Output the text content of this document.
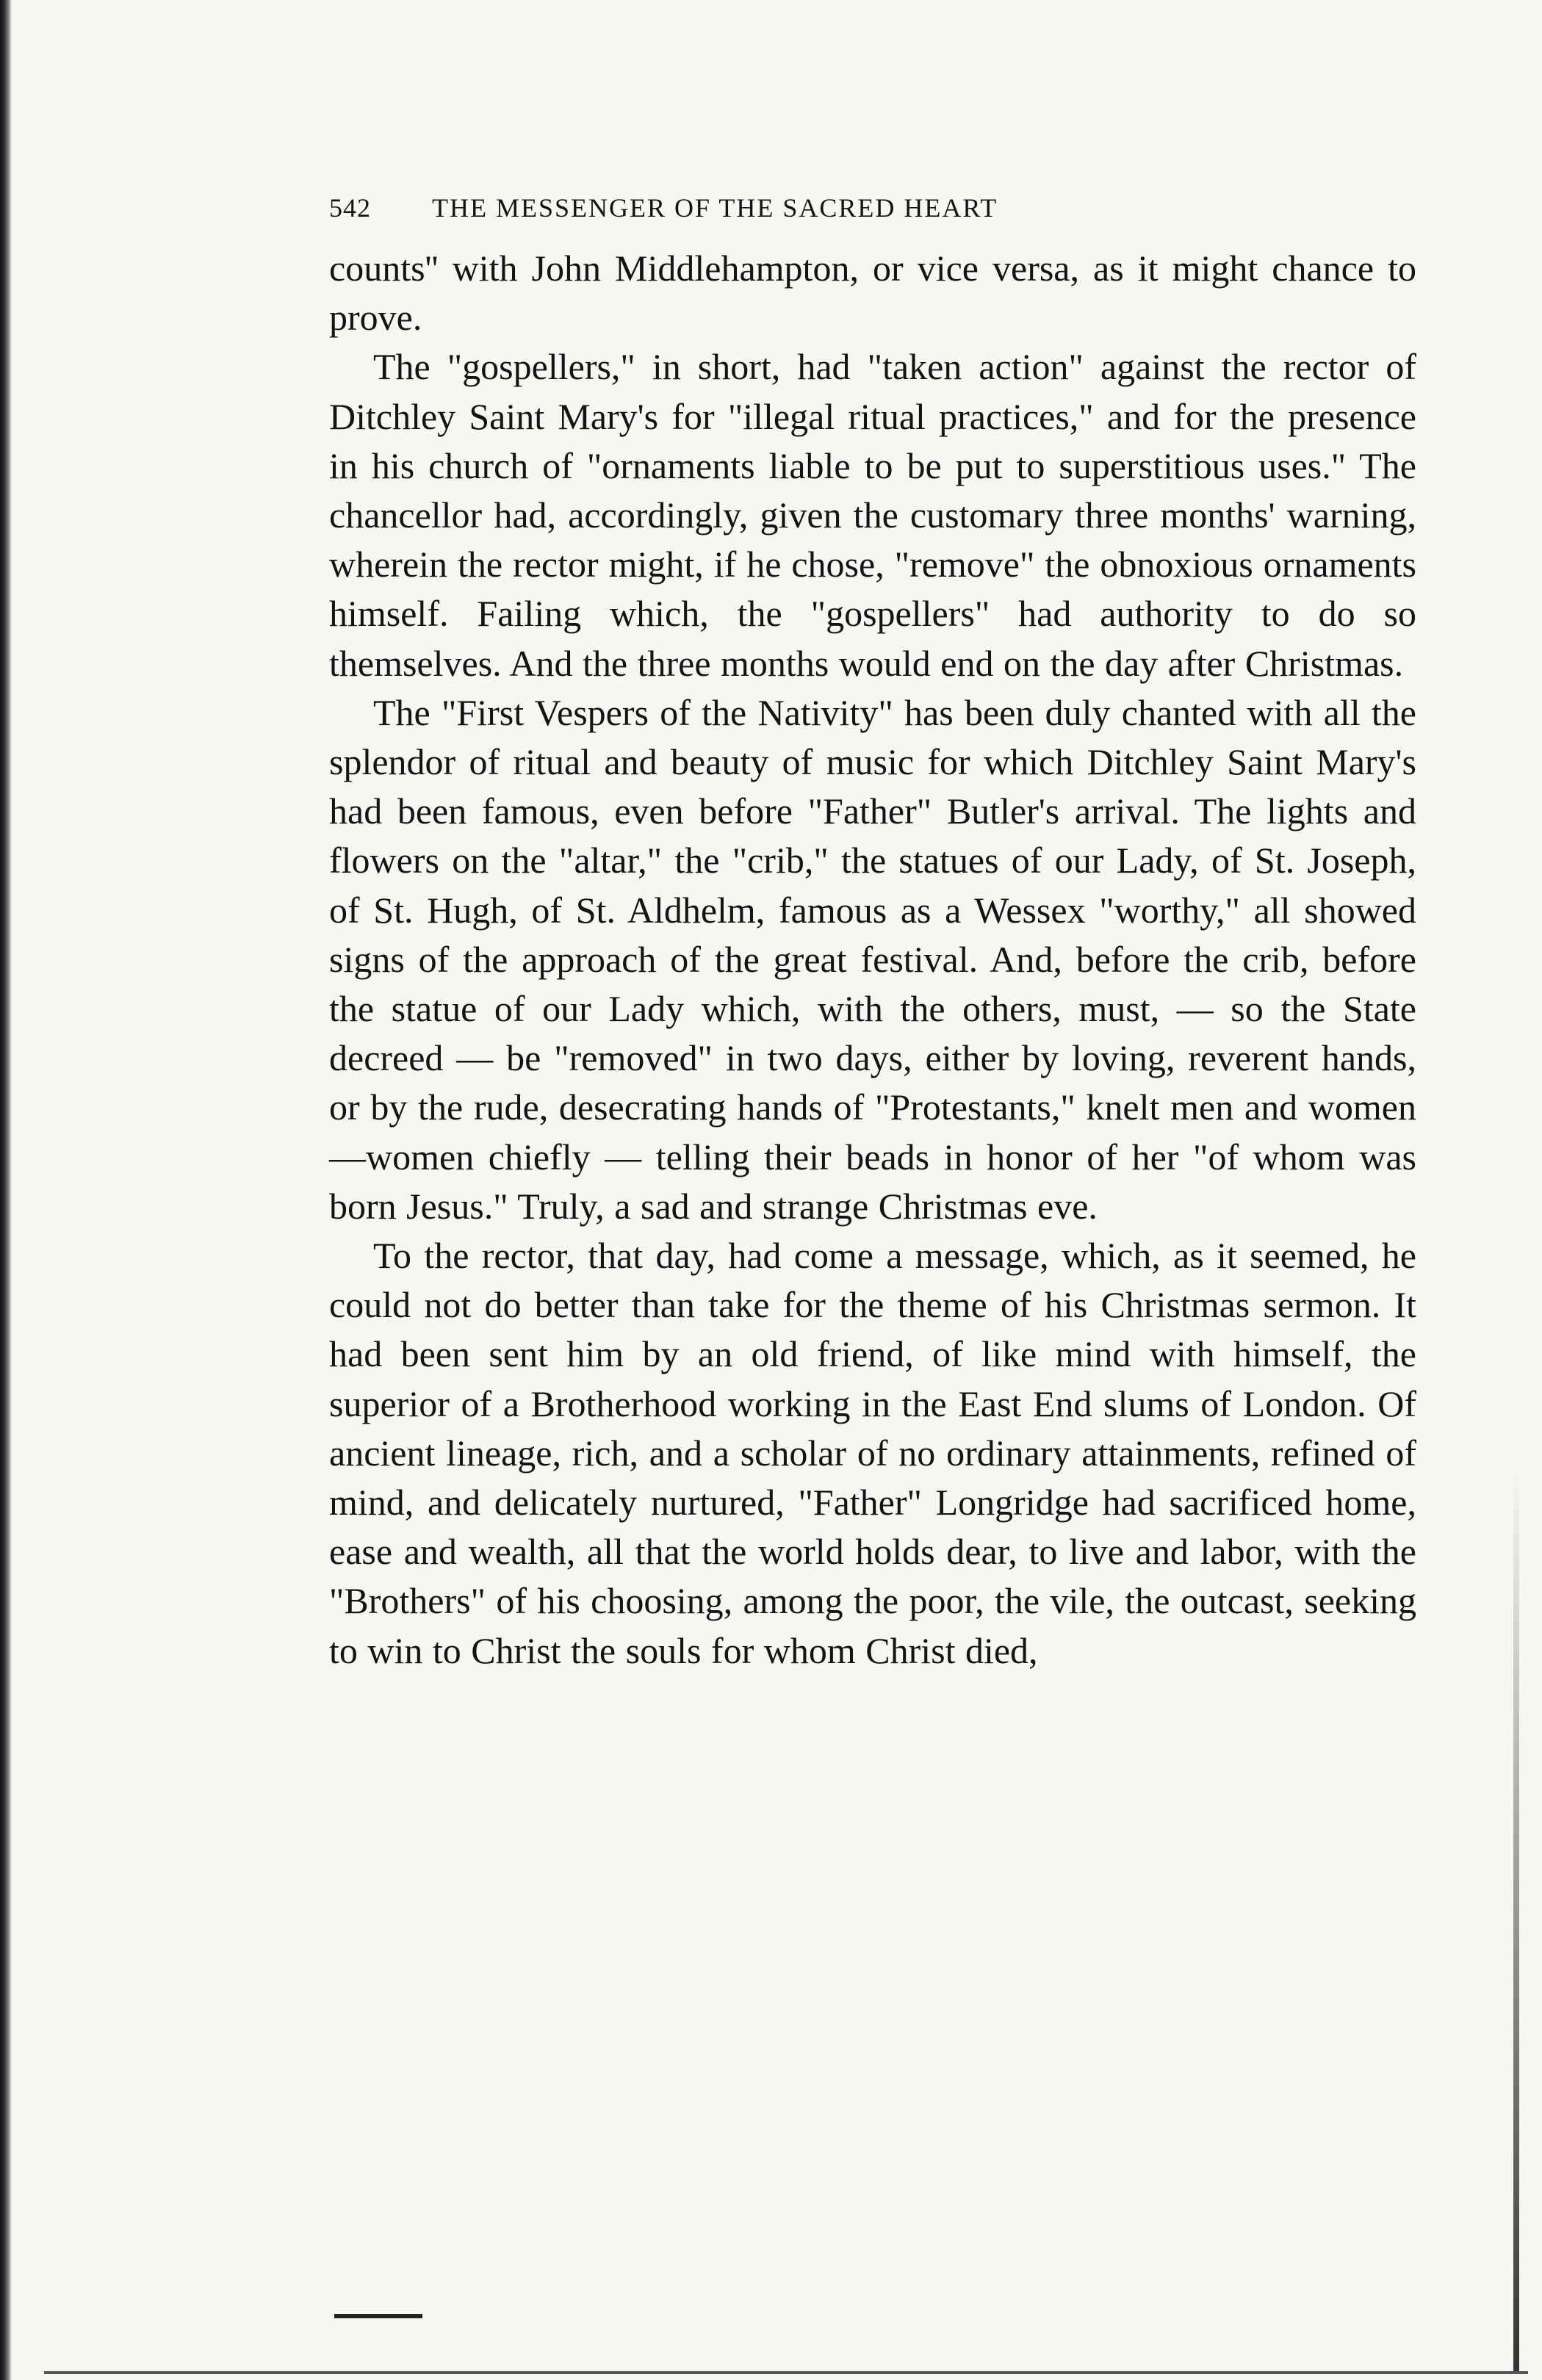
542 THE MESSENGER OF THE SACRED HEART

counts'' with John Middlehampton, or vice versa, as it might chance to prove.

The "gospellers," in short, had "taken action" against the rector of Ditchley Saint Mary's for "illegal ritual practices," and for the presence in his church of "ornaments liable to be put to superstitious uses." The chancellor had, accordingly, given the customary three months' warning, wherein the rector might, if he chose, "remove" the obnoxious ornaments himself. Failing which, the "gospellers" had authority to do so themselves. And the three months would end on the day after Christmas.

The "First Vespers of the Nativity" has been duly chanted with all the splendor of ritual and beauty of music for which Ditchley Saint Mary's had been famous, even before "Father" Butler's arrival. The lights and flowers on the "altar," the "crib," the statues of our Lady, of St. Joseph, of St. Hugh, of St. Aldhelm, famous as a Wessex "worthy," all showed signs of the approach of the great festival. And, before the crib, before the statue of our Lady which, with the others, must, — so the State decreed — be "removed" in two days, either by loving, reverent hands, or by the rude, desecrating hands of "Protestants," knelt men and women—women chiefly — telling their beads in honor of her "of whom was born Jesus." Truly, a sad and strange Christmas eve.

To the rector, that day, had come a message, which, as it seemed, he could not do better than take for the theme of his Christmas sermon. It had been sent him by an old friend, of like mind with himself, the superior of a Brotherhood working in the East End slums of London. Of ancient lineage, rich, and a scholar of no ordinary attainments, refined of mind, and delicately nurtured, "Father" Longridge had sacrificed home, ease and wealth, all that the world holds dear, to live and labor, with the "Brothers" of his choosing, among the poor, the vile, the outcast, seeking to win to Christ the souls for whom Christ died,
